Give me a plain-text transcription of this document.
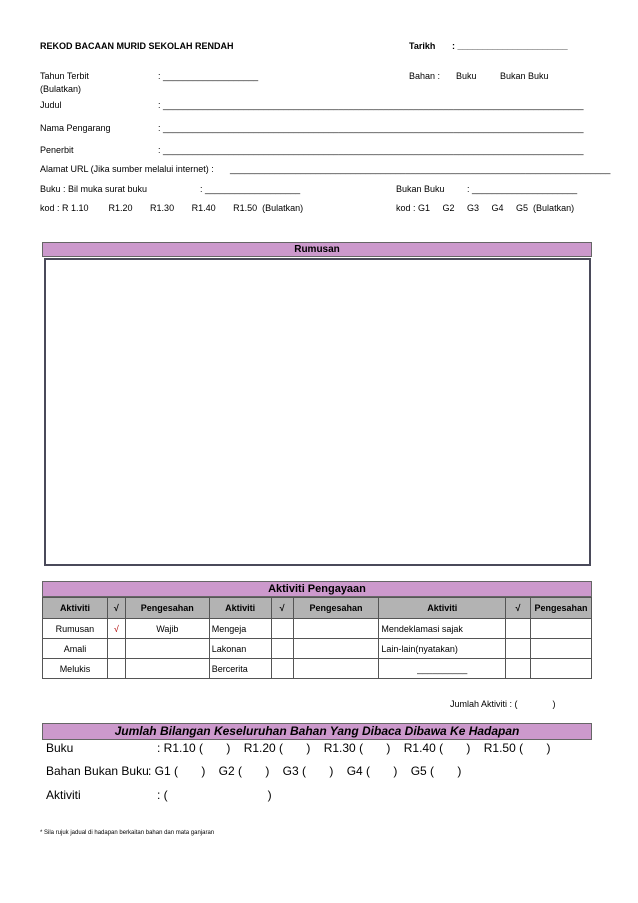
REKOD BACAAN MURID SEKOLAH RENDAH	Tarikh : ______________________
Tahun Terbit
(Bulatkan)
: ___________________	Bahan : Buku	Bukan Buku
Judul	: ____________________________________________________________________________________
Nama Pengarang	: ____________________________________________________________________________________
Penerbit	: ____________________________________________________________________________________
Alamat URL (Jika sumber melalui internet) : ____________________________________________________________________________
Buku : Bil muka surat buku	: ___________________	Bukan Buku : _____________________
kod : R 1.10        R1.20       R1.30       R1.40       R1.50  (Bulatkan)	kod : G1     G2     G3     G4     G5  (Bulatkan)
Rumusan
Aktiviti Pengayaan
Aktiviti	√	Pengesahan	Aktiviti	√	Pengesahan	Aktiviti	√	Pengesahan
Rumusan	√	Wajib	Mengeja			Mendeklamasi sajak		
Amali			Lakonan			Lain-lain(nyatakan)		
Melukis			Bercerita			__________		
Jumlah Aktiviti : (              )
Jumlah Bilangan Keseluruhan Bahan Yang Dibaca Dibawa Ke Hadapan
Buku	: R1.10 (       )    R1.20 (       )    R1.30 (       )    R1.40 (       )    R1.50 (       )
Bahan Bukan Buku : G1 (       )    G2 (       )    G3 (       )    G4 (       )    G5 (       )
Aktiviti	: (                              )
* Sila rujuk jadual di hadapan berkaitan bahan dan mata ganjaran
